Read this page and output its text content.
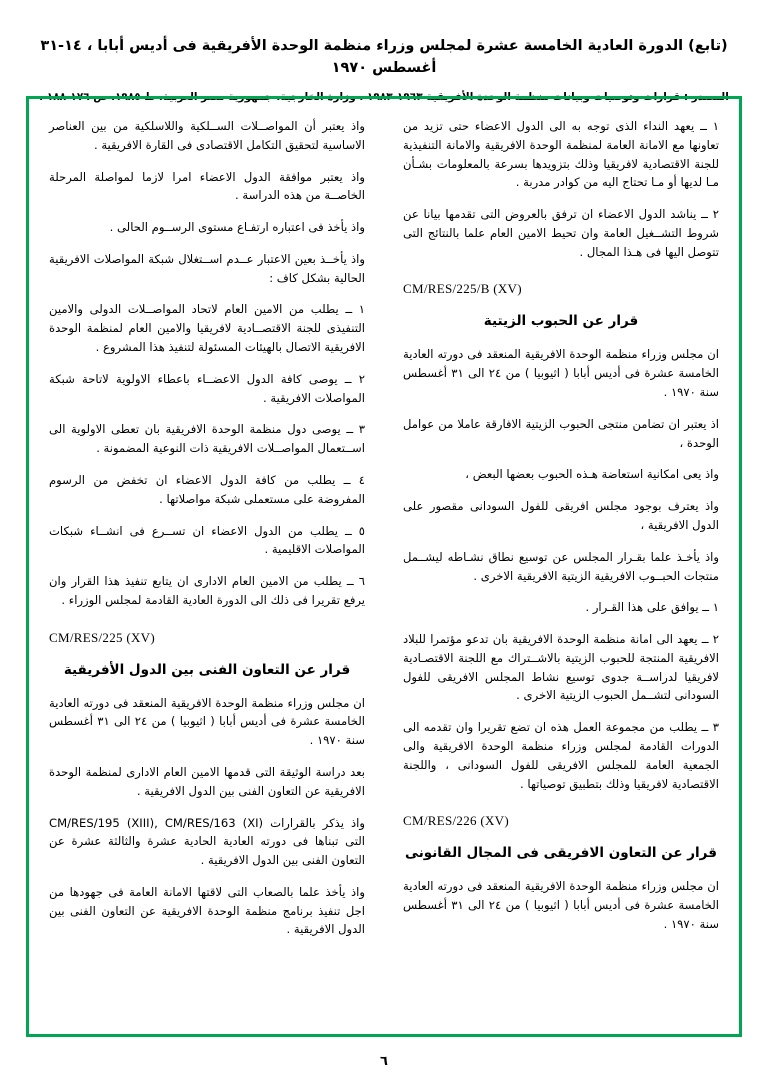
(تابع) الدورة العادية الخامسة عشرة لمجلس وزراء منظمة الوحدة الأفريقية فى أديس أبابا ، ١٤-٣١ أغسطس ١٩٧٠
المصدر : قرارات وتوصيات وبيانات منظمة الوحدة الأفريقية ١٩٦٣-١٩٨٣ ، وزارة الخارجية، جمهورية مصر العربية، ط ١٩٨٥، ص ١٧٦-١٨٨ .

١ ــ يعهد النداء الذى توجه به الى الدول الاعضاء حتى تزيد من تعاونها مع الامانة العامة لمنظمة الوحدة الافريقية والامانة التنفيذية للجنة الاقتصادية لافريقيا وذلك بتزويدها بسرعة بالمعلومات بشـأن مـا لديها أو مـا تحتاج اليه من كوادر مدربة .

٢ ــ يناشد الدول الاعضاء ان ترفق بالعروض التى تقدمها بيانا عن شروط التشــغيل العامة وان تحيط الامين العام علما بالنتائج التى تتوصل اليها فى هـذا المجال .

CM/RES/225/B (XV)
قرار عن الحبوب الزيتية

ان مجلس وزراء منظمة الوحدة الافريقية المنعقد فى دورته العادية الخامسة عشرة فى أديس أبابا ( اثيوبيا ) من ٢٤ الى ٣١ أغسطس سنة ١٩٧٠ .

اذ يعتبر ان تضامن منتجى الحبوب الزيتية الافارقة عاملا من عوامل الوحدة ،

واذ يعى امكانية استعاضة هـذه الحبوب بعضها البعض ،

واذ يعترف بوجود مجلس افريقى للفول السودانى مقصور على الدول الافريقية ،

واذ يأخـذ علما بقـرار المجلس عن توسيع نطاق نشـاطه ليشــمل منتجات الحبــوب الافريقية الزيتية الافريقية الاخرى .

١ ــ يوافق على هذا القـرار .

٢ ــ يعهد الى امانة منظمة الوحدة الافريقية بان تدعو مؤتمرا للبلاد الافريقية المنتجة للحبوب الزيتية بالاشــتراك مع اللجنة الاقتصـادية لافريقيا لدراســة جدوى توسيع نشاط المجلس الافريقى للفول السودانى لتشــمل الحبوب الزيتية الاخرى .

٣ ــ يطلب من مجموعة العمل هذه ان تضع تقريرا وان تقدمه الى الدورات القادمة لمجلس وزراء منظمة الوحدة الافريقية والى الجمعية العامة للمجلس الافريقى للفول السودانى ، واللجنة الاقتصادية لافريقيا وذلك بتطبيق توصياتها .

CM/RES/226 (XV)
قرار عن التعاون الافريقى فى المجال القانونى

ان مجلس وزراء منظمة الوحدة الافريقية المنعقد فى دورته العادية الخامسة عشرة فى أديس أبابا ( اثيوبيا ) من ٢٤ الى ٣١ أغسطس سنة ١٩٧٠ .

واذ يعتبر أن المواصــلات الســلكية واللاسلكية من بين العناصر الاساسية لتحقيق التكامل الاقتصادى فى القارة الافريقية .

واذ يعتبر موافقة الدول الاعضاء امرا لازما لمواصلة المرحلة الخاصــة من هذه الدراسة .

واذ يأخذ فى اعتباره ارتفـاع مستوى الرســوم الحالى .

واذ يأخــذ بعين الاعتبار عــدم اســتغلال شبكة المواصلات الافريقية الحالية بشكل كاف :

١ ــ يطلب من الامين العام لاتحاد المواصــلات الدولى والامين التنفيذى للجنة الاقتصــادية لافريقيا والامين العام لمنظمة الوحدة الافريقية الاتصال بالهيئات المسئولة لتنفيذ هذا المشروع .

٢ ــ يوصى كافة الدول الاعضــاء باعطاء الاولوية لاتاحة شبكة المواصلات الافريقية .

٣ ــ يوصى دول منظمة الوحدة الافريقية بان تعطى الاولوية الى اســتعمال المواصــلات الافريقية ذات النوعية المضمونة .

٤ ــ يطلب من كافة الدول الاعضاء ان تخفض من الرسوم المفروضة على مستعملى شبكة مواصلاتها .

٥ ــ يطلب من الدول الاعضاء ان تســرع فى انشــاء شبكات المواصلات الاقليمية .

٦ ــ يطلب من الامين العام الادارى ان يتابع تنفيذ هذا القرار وان يرفع تقريرا فى ذلك الى الدورة العادية القادمة لمجلس الوزراء .

CM/RES/225 (XV)
قرار عن التعاون الفنى بين الدول الأفريقية

ان مجلس وزراء منظمة الوحدة الافريقية المنعقد فى دورته العادية الخامسة عشرة فى أديس أبابا ( اثيوبيا ) من ٢٤ الى ٣١ أغسطس سنة ١٩٧٠ .

بعد دراسة الوثيقة التى قدمها الامين العام الادارى لمنظمة الوحدة الافريقية عن التعاون الفنى بين الدول الافريقية .

واذ يذكر بالقرارات CM/RES/195 (XIII), CM/RES/163 (XI) التى تبناها فى دورته العادية الحادية عشرة والثالثة عشرة عن التعاون الفنى بين الدول الافريقية .

واذ يأخذ علما بالصعاب التى لاقتها الامانة العامة فى جهودها من اجل تنفيذ برنامج منظمة الوحدة الافريقية عن التعاون الفنى بين الدول الافريقية .

٦
